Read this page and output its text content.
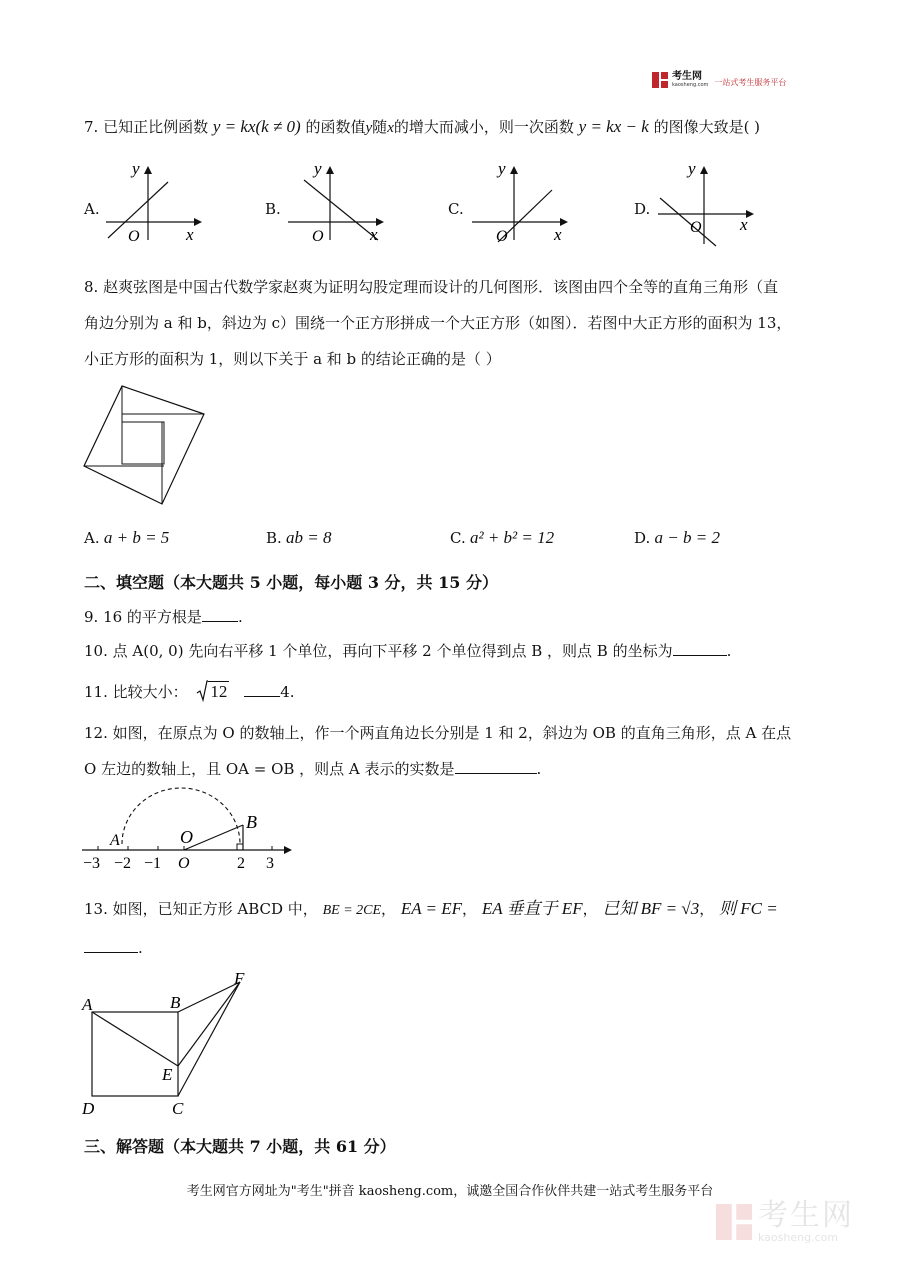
考生网
kaosheng.com 一站式考生服务平台
7. 已知正比例函数 y = kx(k ≠ 0) 的函数值y随x的增大而减小，则一次函数 y = kx − k 的图像大致是( )
A.
y
x
O
B.
y
x
O
C.
y
x
O
D.
y
x
O
8. 赵爽弦图是中国古代数学家赵爽为证明勾股定理而设计的几何图形．该图由四个全等的直角三角形（直
角边分别为 a 和 b，斜边为 c）围绕一个正方形拼成一个大正方形（如图）．若图中大正方形的面积为 13，
小正方形的面积为 1，则以下关于 a 和 b 的结论正确的是（ ）
A. a + b = 5	B. ab = 8	C. a² + b² = 12	D. a − b = 2
二、填空题（本大题共 5 小题，每小题 3 分，共 15 分）
9. 16 的平方根是 .
10. 点 A(0, 0) 先向右平移 1 个单位，再向下平移 2 个单位得到点 B ，则点 B 的坐标为	.
11. 比较大小： 12	4.
12. 如图，在原点为 O 的数轴上，作一个两直角边长分别是 1 和 2，斜边为 OB 的直角三角形，点 A 在点
O 左边的数轴上，且 OA = OB ，则点 A 表示的实数是	.
−3 −2 −1 O	2 3
A	O
B
13. 如图，已知正方形 ABCD 中， BE = 2CE， EA = EF， EA 垂直于 EF， 已知 BF = √3， 则 FC =
.
A	B
C
D
E
F
三、解答题（本大题共 7 小题，共 61 分）
考生网官方网址为"考生"拼音 kaosheng.com，诚邀全国合作伙伴共建一站式考生服务平台
考生网
kaosheng.com
